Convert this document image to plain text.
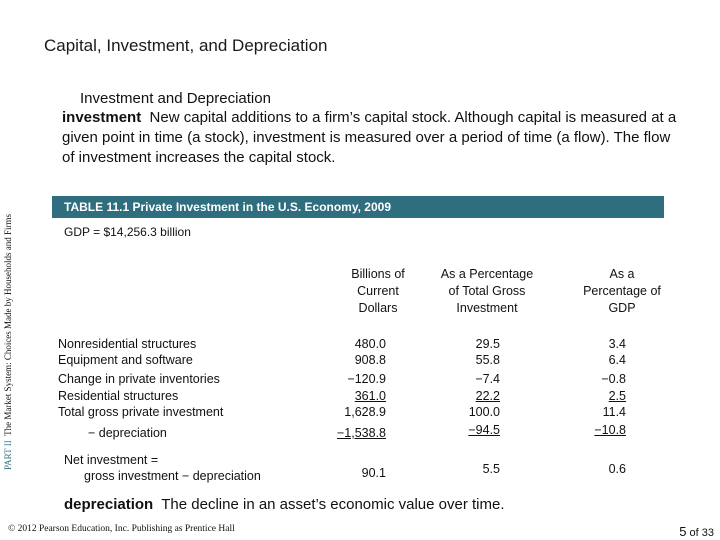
Capital, Investment, and Depreciation
Investment and Depreciation
investment New capital additions to a firm’s capital stock. Although capital is measured at a given point in time (a stock), investment is measured over a period of time (a flow). The flow of investment increases the capital stock.
PART II  The Market System: Choices Made by Households and Firms
TABLE 11.1 Private Investment in the U.S. Economy, 2009
GDP = $14,256.3 billion
Billions of
Current
Dollars
As a Percentage
of Total Gross
Investment
As a
Percentage of
GDP
Nonresidential structures	480.0	29.5	3.4
Equipment and software	908.8	55.8	6.4
Change in private inventories	−120.9	−7.4	−0.8
Residential structures	361.0	22.2	2.5
Total gross private investment	1,628.9	100.0	11.4
− depreciation	−1,538.8	−94.5	−10.8
Net investment =
gross investment − depreciation	90.1	5.5	0.6
depreciation The decline in an asset’s economic value over time.
© 2012 Pearson Education, Inc. Publishing as Prentice Hall	5 of 33
